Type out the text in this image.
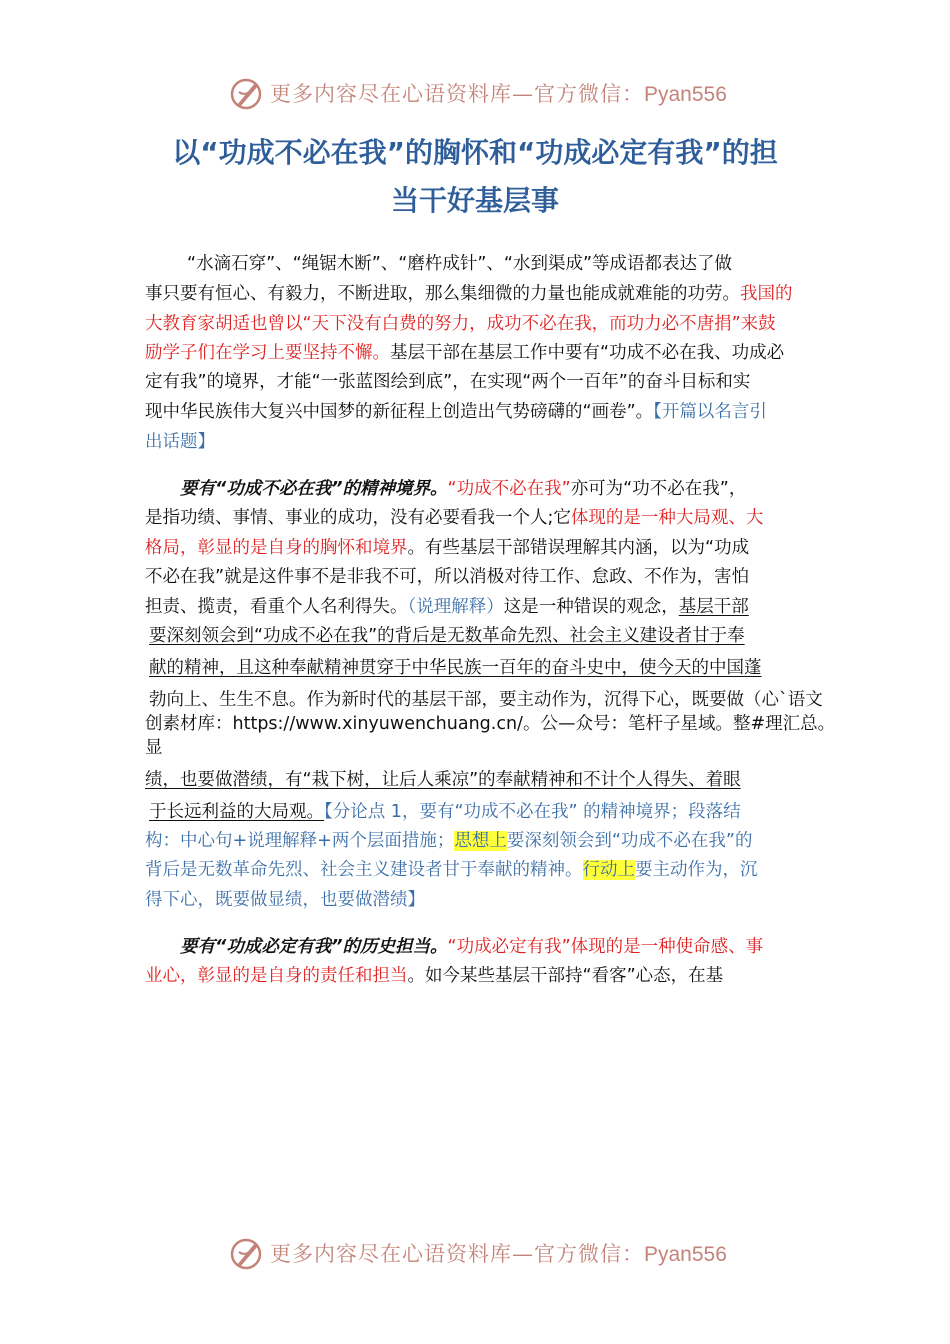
更多内容尽在心语资料库—官方微信：Pyan556
以“功成不必在我”的胸怀和“功成必定有我”的担
当干好基层事
“水滴石穿”、“绳锯木断”、“磨杵成针”、“水到渠成”等成语都表达了做
事只要有恒心、有毅力，不断进取，那么集细微的力量也能成就难能的功劳。我国的
大教育家胡适也曾以“天下没有白费的努力，成功不必在我，而功力必不唐捐”来鼓
励学子们在学习上要坚持不懈。基层干部在基层工作中要有“功成不必在我、功成必
定有我”的境界，才能“一张蓝图绘到底”，在实现“两个一百年”的奋斗目标和实
现中华民族伟大复兴中国梦的新征程上创造出气势磅礴的“画卷”。【开篇以名言引
出话题】
要有“功成不必在我”的精神境界。“功成不必在我”亦可为“功不必在我”，
是指功绩、事情、事业的成功，没有必要看我一个人;它体现的是一种大局观、大
格局，彰显的是自身的胸怀和境界。有些基层干部错误理解其内涵，以为“功成
不必在我”就是这件事不是非我不可，所以消极对待工作、怠政、不作为，害怕
担责、揽责，看重个人名利得失。（说理解释）这是一种错误的观念，基层干部
要深刻领会到“功成不必在我”的背后是无数革命先烈、社会主义建设者甘于奉
献的精神，且这种奉献精神贯穿于中华民族一百年的奋斗史中，使今天的中国蓬
勃向上、生生不息。作为新时代的基层干部，要主动作为，沉得下心，既要做（心`语文
创素材库：https://www.xinyuwenchuang.cn/。公—众号：笔杆子星域。整#理汇总。
显
绩，也要做潜绩，有“栽下树，让后人乘凉”的奉献精神和不计个人得失、着眼
于长远利益的大局观。【分论点 1，要有“功成不必在我” 的精神境界；段落结
构：中心句+说理解释+两个层面措施；思想上要深刻领会到“功成不必在我”的
背后是无数革命先烈、社会主义建设者甘于奉献的精神。行动上要主动作为，沉
得下心，既要做显绩，也要做潜绩】
要有“功成必定有我”的历史担当。“功成必定有我”体现的是一种使命感、事
业心，彰显的是自身的责任和担当。如今某些基层干部持“看客”心态，在基
更多内容尽在心语资料库—官方微信：Pyan556
